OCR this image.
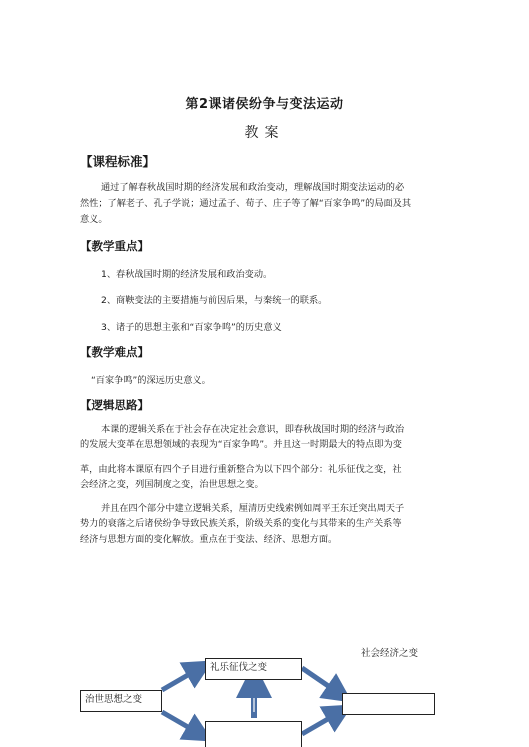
第2课诸侯纷争与变法运动
教案
【课程标准】
通过了解春秋战国时期的经济发展和政治变动，理解战国时期变法运动的必
然性；了解老子、孔子学说；通过孟子、荀子、庄子等了解“百家争鸣”的局面及其
意义。
【教学重点】
1、春秋战国时期的经济发展和政治变动。
2、商鞅变法的主要措施与前因后果，与秦统一的联系。
3、诸子的思想主张和“百家争鸣”的历史意义
【教学难点】
“百家争鸣”的深远历史意义。
【逻辑思路】
本课的逻辑关系在于社会存在决定社会意识，即春秋战国时期的经济与政治
的发展大变革在思想领域的表现为“百家争鸣”。并且这一时期最大的特点即为变
革，由此将本课原有四个子目进行重新整合为以下四个部分：礼乐征伐之变，社
会经济之变，列国制度之变，治世思想之变。
并且在四个部分中建立逻辑关系，厘清历史线索例如周平王东迁突出周天子
势力的衰落之后诸侯纷争导致民族关系，阶级关系的变化与其带来的生产关系等
经济与思想方面的变化解放。重点在于变法、经济、思想方面。
社会经济之变
礼乐征伐之变
治世思想之变
